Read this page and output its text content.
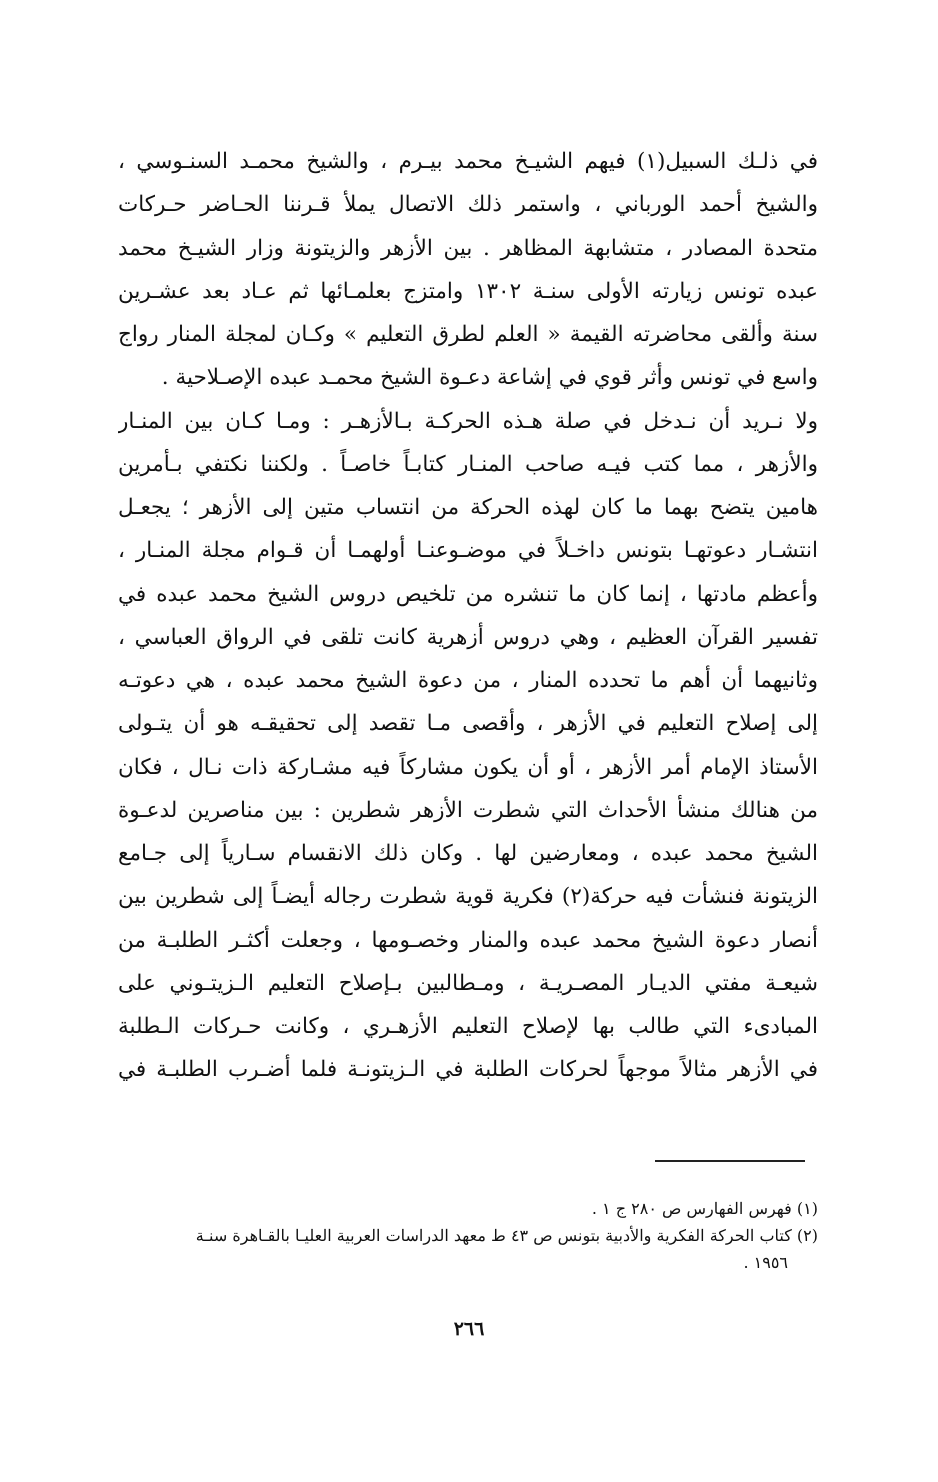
في ذلـك السبيل(١) فيهم الشيـخ محمد بيـرم ، والشيخ محمـد السنـوسي ،
والشيخ أحمد الورباني ، واستمر ذلك الاتصال يملأ قـرننا الحـاضر حـركات
متحدة المصادر ، متشابهة المظاهر . بين الأزهر والزيتونة وزار الشيـخ محمد
عبده تونس زيارته الأولى سنـة ١٣٠٢ وامتزج بعلمـائها ثم عـاد بعد عشـرين
سنة وألقى محاضرته القيمة « العلم لطرق التعليم » وكـان لمجلة المنار رواج
واسع في تونس وأثر قوي في إشاعة دعـوة الشيخ محمـد عبده الإصـلاحية .
ولا نـريد أن نـدخل في صلة هـذه الحركـة بـالأزهـر : ومـا كـان بين المنـار
والأزهر ، مما كتب فيـه صاحب المنـار كتابـاً خاصـاً . ولكننا نكتفي بـأمرين
هامين يتضح بهما ما كان لهذه الحركة من انتساب متين إلى الأزهر ؛ يجعـل
انتشـار دعوتهـا بتونس داخـلاً في موضـوعنـا أولهمـا أن قـوام مجلة المنـار ،
وأعظم مادتها ، إنما كان ما تنشره من تلخيص دروس الشيخ محمد عبده في
تفسير القرآن العظيم ، وهي دروس أزهرية كانت تلقى في الرواق العباسي ،
وثانيهما أن أهم ما تحدده المنار ، من دعوة الشيخ محمد عبده ، هي دعوتـه
إلى إصلاح التعليم في الأزهر ، وأقصى مـا تقصد إلى تحقيقـه هو أن يتـولى
الأستاذ الإمام أمر الأزهر ، أو أن يكون مشاركاً فيه مشـاركة ذات نـال ، فكان
من هنالك منشأ الأحداث التي شطرت الأزهر شطرين : بين مناصرين لدعـوة
الشيخ محمد عبده ، ومعارضين لها . وكان ذلك الانقسام سـارياً إلى جـامع
الزيتونة فنشأت فيه حركة(٢) فكرية قوية شطرت رجاله أيضـاً إلى شطرين بين
أنصار دعوة الشيخ محمد عبده والمنار وخصـومها ، وجعلت أكثـر الطلبـة من
شيعـة مفتي الديـار المصـريـة ، ومـطالبين بـإصلاح التعليم الـزيتـوني على
المبادىء التي طالب بها لإصلاح التعليم الأزهـري ، وكانت حـركات الـطلبة
في الأزهر مثالاً موجهاً لحركات الطلبة في الـزيتونـة فلما أضـرب الطلبـة في
(١) فهرس الفهارس ص ٢٨٠ ج ١ .
(٢) كتاب الحركة الفكرية والأدبية بتونس ص ٤٣ ط معهد الدراسات العربية العليـا بالقـاهرة سنـة
١٩٥٦ .
٢٦٦
